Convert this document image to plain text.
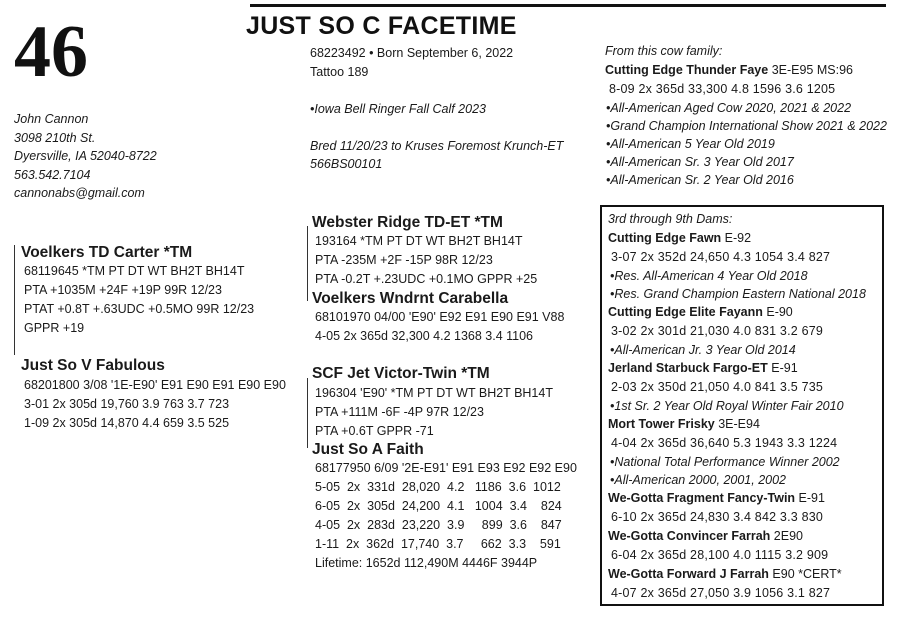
46	JUST SO C FACETIME
68223492 • Born September 6, 2022
Tattoo 189
•Iowa Bell Ringer Fall Calf 2023
Bred 11/20/23 to Kruses Foremost Krunch-ET
566BS00101
John Cannon
3098 210th St.
Dyersville, IA 52040-8722
563.542.7104
cannonabs@gmail.com
Voelkers TD Carter *TM
68119645 *TM PT DT WT BH2T BH14T
PTA +1035M +24F +19P 99R 12/23
PTAT +0.8T +.63UDC +0.5MO 99R 12/23
GPPR +19
Just So V Fabulous
68201800 3/08 '1E-E90' E91 E90 E91 E90 E90
3-01 2x 305d 19,760 3.9 763 3.7 723
1-09 2x 305d 14,870 4.4 659 3.5 525
Webster Ridge TD-ET *TM
193164 *TM PT DT WT BH2T BH14T
PTA -235M +2F -15P 98R 12/23
PTA -0.2T +.23UDC +0.1MO GPPR +25
Voelkers Wndrnt Carabella
68101970 04/00 'E90' E92 E91 E90 E91 V88
4-05 2x 365d 32,300 4.2 1368 3.4 1106
SCF Jet Victor-Twin *TM
196304 'E90' *TM PT DT WT BH2T BH14T
PTA +111M -6F -4P 97R 12/23
PTA +0.6T GPPR -71
Just So A Faith
68177950 6/09 '2E-E91' E91 E93 E92 E92 E90
5-05  2x  331d  28,020  4.2   1186  3.6  1012
6-05  2x  305d  24,200  4.1   1004  3.4    824
4-05  2x  283d  23,220  3.9     899  3.6    847
1-11  2x  362d  17,740  3.7     662  3.3    591
Lifetime: 1652d 112,490M 4446F 3944P
From this cow family:
Cutting Edge Thunder Faye 3E-E95 MS:96
8-09 2x 365d 33,300 4.8 1596 3.6 1205
•All-American Aged Cow 2020, 2021 & 2022
•Grand Champion International Show 2021 & 2022
•All-American 5 Year Old 2019
•All-American Sr. 3 Year Old 2017
•All-American Sr. 2 Year Old 2016
3rd through 9th Dams:
Cutting Edge Fawn E-92
3-07 2x 352d 24,650 4.3 1054 3.4 827
•Res. All-American 4 Year Old 2018
•Res. Grand Champion Eastern National 2018
Cutting Edge Elite Fayann E-90
3-02 2x 301d 21,030 4.0 831 3.2 679
•All-American Jr. 3 Year Old 2014
Jerland Starbuck Fargo-ET E-91
2-03 2x 350d 21,050 4.0 841 3.5 735
•1st Sr. 2 Year Old Royal Winter Fair 2010
Mort Tower Frisky 3E-E94
4-04 2x 365d 36,640 5.3 1943 3.3 1224
•National Total Performance Winner 2002
•All-American 2000, 2001, 2002
We-Gotta Fragment Fancy-Twin E-91
6-10 2x 365d 24,830 3.4 842 3.3 830
We-Gotta Convincer Farrah 2E90
6-04 2x 365d 28,100 4.0 1115 3.2 909
We-Gotta Forward J Farrah E90 *CERT*
4-07 2x 365d 27,050 3.9 1056 3.1 827
